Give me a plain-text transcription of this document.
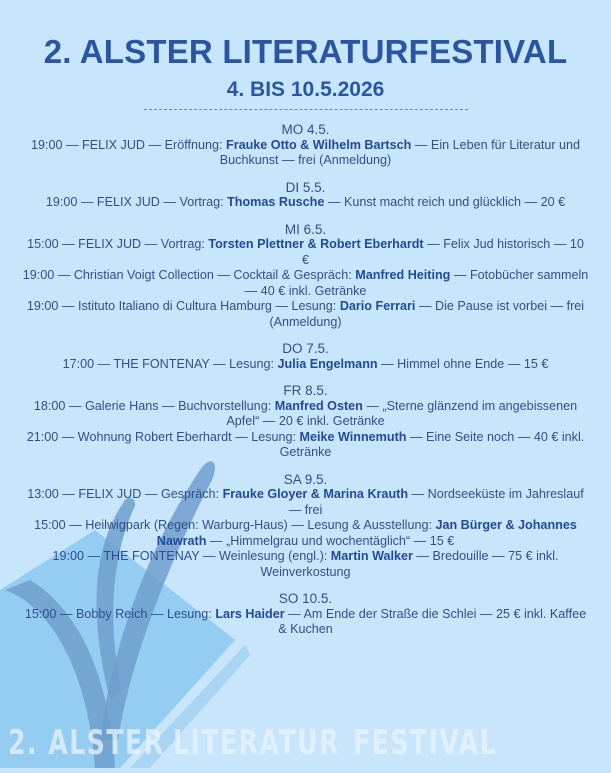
2. ALSTER LITERATUR FESTIVAL
2. ALSTER LITERATURFESTIVAL
4. BIS 10.5.2026
MO 4.5.
19:00 — FELIX JUD — Eröffnung: Frauke Otto & Wilhelm Bartsch — Ein Leben für Literatur und Buchkunst — frei (Anmeldung)
DI 5.5.
19:00 — FELIX JUD — Vortrag: Thomas Rusche — Kunst macht reich und glücklich — 20 €
MI 6.5.
15:00 — FELIX JUD — Vortrag: Torsten Plettner & Robert Eberhardt — Felix Jud historisch — 10 €
19:00 — Christian Voigt Collection — Cocktail & Gespräch: Manfred Heiting — Fotobücher sammeln — 40 € inkl. Getränke
19:00 — Istituto Italiano di Cultura Hamburg — Lesung: Dario Ferrari — Die Pause ist vorbei — frei (Anmeldung)
DO 7.5.
17:00 — THE FONTENAY — Lesung: Julia Engelmann — Himmel ohne Ende — 15 €
FR 8.5.
18:00 — Galerie Hans — Buchvorstellung: Manfred Osten — „Sterne glänzend im angebissenen Apfel“ — 20 € inkl. Getränke
21:00 — Wohnung Robert Eberhardt — Lesung: Meike Winnemuth — Eine Seite noch — 40 € inkl. Getränke
SA 9.5.
13:00 — FELIX JUD — Gespräch: Frauke Gloyer & Marina Krauth — Nordseeküste im Jahreslauf — frei
15:00 — Heilwigpark (Regen: Warburg-Haus) — Lesung & Ausstellung: Jan Bürger & Johannes Nawrath — „Himmelgrau und wochentäglich“ — 15 €
19:00 — THE FONTENAY — Weinlesung (engl.): Martin Walker — Bredouille — 75 € inkl. Weinverkostung
SO 10.5.
15:00 — Bobby Reich — Lesung: Lars Haider — Am Ende der Straße die Schlei — 25 € inkl. Kaffee & Kuchen
